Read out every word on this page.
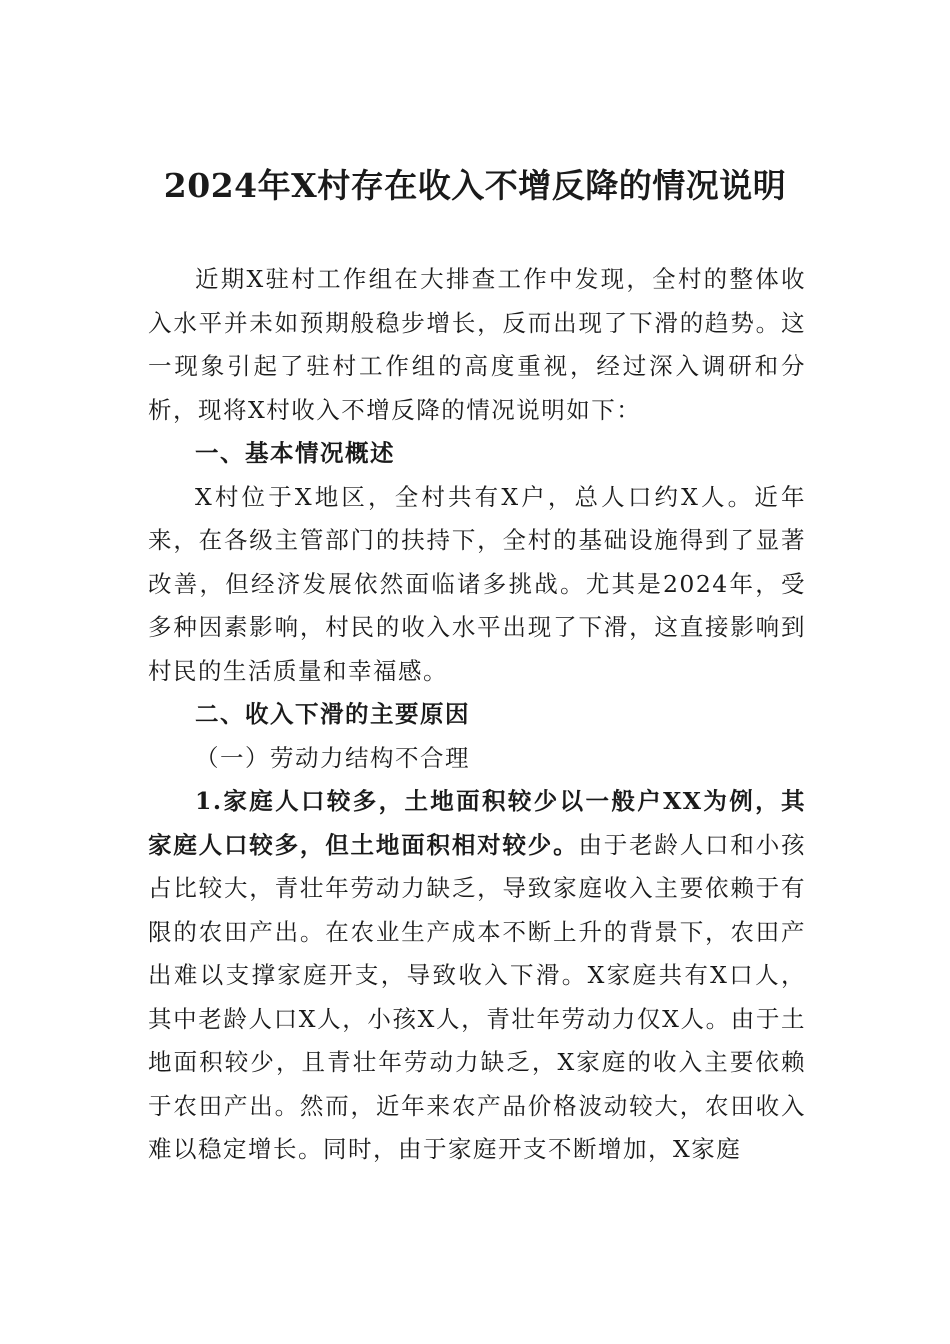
2024年X村存在收入不增反降的情况说明

近期X驻村工作组在大排查工作中发现，全村的整体收入水平并未如预期般稳步增长，反而出现了下滑的趋势。这一现象引起了驻村工作组的高度重视，经过深入调研和分析，现将X村收入不增反降的情况说明如下：

一、基本情况概述

X村位于X地区，全村共有X户，总人口约X人。近年来，在各级主管部门的扶持下，全村的基础设施得到了显著改善，但经济发展依然面临诸多挑战。尤其是2024年，受多种因素影响，村民的收入水平出现了下滑，这直接影响到村民的生活质量和幸福感。

二、收入下滑的主要原因

（一）劳动力结构不合理

1.家庭人口较多，土地面积较少以一般户XX为例，其家庭人口较多，但土地面积相对较少。由于老龄人口和小孩占比较大，青壮年劳动力缺乏，导致家庭收入主要依赖于有限的农田产出。在农业生产成本不断上升的背景下，农田产出难以支撑家庭开支，导致收入下滑。X家庭共有X口人，其中老龄人口X人，小孩X人，青壮年劳动力仅X人。由于土地面积较少，且青壮年劳动力缺乏，X家庭的收入主要依赖于农田产出。然而，近年来农产品价格波动较大，农田收入难以稳定增长。同时，由于家庭开支不断增加，X家庭
